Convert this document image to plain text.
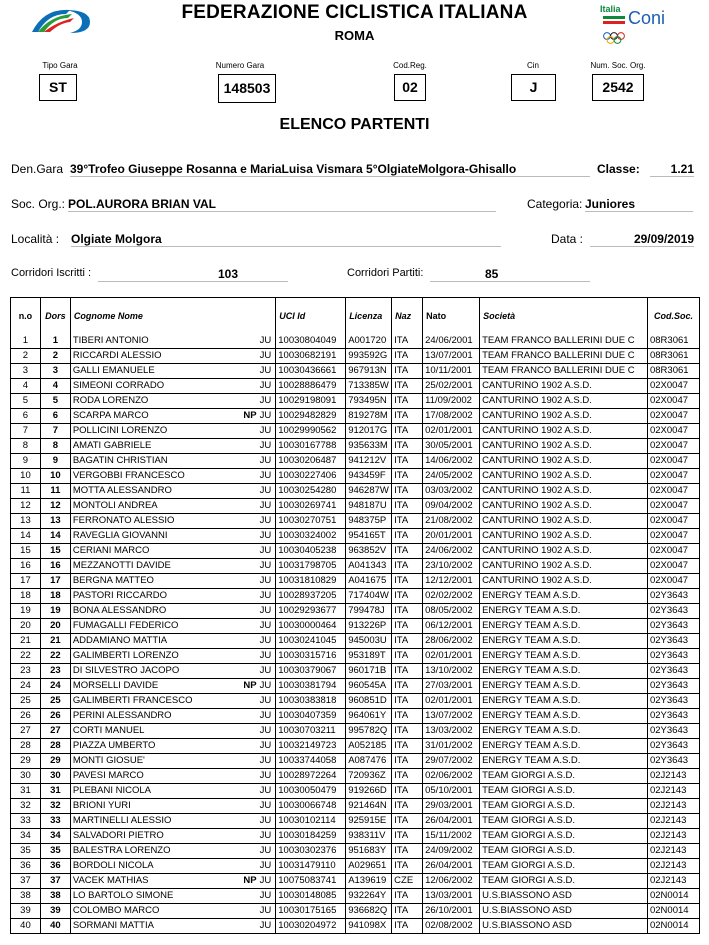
FEDERAZIONE CICLISTICA ITALIANA
ROMA
Italia Coni
Tipo Gara
ST
Numero Gara
148503
Cod.Reg.
02
Cin
J
Num. Soc. Org.
2542
ELENCO PARTENTI
Den.Gara 39°Trofeo Giuseppe Rosanna e MariaLuisa Vismara 5°OlgiateMolgora-Ghisallo	Classe:	1.21
Soc. Org.: POL.AURORA BRIAN VAL	Categoria: Juniores
Località : Olgiate Molgora	Data :	29/09/2019
Corridori Iscritti :	103	Corridori Partiti:	85
n.o	Dors	Cognome Nome	UCI Id	Licenza	Naz	Nato	Società	Cod.Soc.
1	1	TIBERI ANTONIO JU	10030804049	A001720	ITA	24/06/2001	TEAM FRANCO BALLERINI DUE C	08R3061
2	2	RICCARDI ALESSIO JU	10030682191	993592G	ITA	13/07/2001	TEAM FRANCO BALLERINI DUE C	08R3061
3	3	GALLI EMANUELE JU	10030436661	967913N	ITA	10/11/2001	TEAM FRANCO BALLERINI DUE C	08R3061
4	4	SIMEONI CORRADO JU	10028886479	713385W	ITA	25/02/2001	CANTURINO 1902 A.S.D.	02X0047
5	5	RODA LORENZO JU	10029198091	793495N	ITA	11/09/2002	CANTURINO 1902 A.S.D.	02X0047
6	6	SCARPA MARCO NP JU	10029482829	819278M	ITA	17/08/2002	CANTURINO 1902 A.S.D.	02X0047
7	7	POLLICINI LORENZO JU	10029990562	912017G	ITA	02/01/2001	CANTURINO 1902 A.S.D.	02X0047
8	8	AMATI GABRIELE JU	10030167788	935633M	ITA	30/05/2001	CANTURINO 1902 A.S.D.	02X0047
9	9	BAGATIN CHRISTIAN JU	10030206487	941212V	ITA	14/06/2002	CANTURINO 1902 A.S.D.	02X0047
10	10	VERGOBBI FRANCESCO JU	10030227406	943459F	ITA	24/05/2002	CANTURINO 1902 A.S.D.	02X0047
11	11	MOTTA ALESSANDRO JU	10030254280	946287W	ITA	03/03/2002	CANTURINO 1902 A.S.D.	02X0047
12	12	MONTOLI ANDREA JU	10030269741	948187U	ITA	09/04/2002	CANTURINO 1902 A.S.D.	02X0047
13	13	FERRONATO ALESSIO JU	10030270751	948375P	ITA	21/08/2002	CANTURINO 1902 A.S.D.	02X0047
14	14	RAVEGLIA GIOVANNI JU	10030324002	954165T	ITA	20/01/2001	CANTURINO 1902 A.S.D.	02X0047
15	15	CERIANI MARCO JU	10030405238	963852V	ITA	24/06/2002	CANTURINO 1902 A.S.D.	02X0047
16	16	MEZZANOTTI DAVIDE JU	10031798705	A041343	ITA	23/10/2002	CANTURINO 1902 A.S.D.	02X0047
17	17	BERGNA MATTEO JU	10031810829	A041675	ITA	12/12/2001	CANTURINO 1902 A.S.D.	02X0047
18	18	PASTORI RICCARDO JU	10028937205	717404W	ITA	02/02/2002	ENERGY TEAM A.S.D.	02Y3643
19	19	BONA ALESSANDRO JU	10029293677	799478J	ITA	08/05/2002	ENERGY TEAM A.S.D.	02Y3643
20	20	FUMAGALLI FEDERICO JU	10030000464	913226P	ITA	06/12/2001	ENERGY TEAM A.S.D.	02Y3643
21	21	ADDAMIANO MATTIA JU	10030241045	945003U	ITA	28/06/2002	ENERGY TEAM A.S.D.	02Y3643
22	22	GALIMBERTI LORENZO JU	10030315716	953189T	ITA	02/01/2001	ENERGY TEAM A.S.D.	02Y3643
23	23	DI SILVESTRO JACOPO JU	10030379067	960171B	ITA	13/10/2002	ENERGY TEAM A.S.D.	02Y3643
24	24	MORSELLI DAVIDE NP JU	10030381794	960545A	ITA	27/03/2001	ENERGY TEAM A.S.D.	02Y3643
25	25	GALIMBERTI FRANCESCO JU	10030383818	960851D	ITA	02/01/2001	ENERGY TEAM A.S.D.	02Y3643
26	26	PERINI ALESSANDRO JU	10030407359	964061Y	ITA	13/07/2002	ENERGY TEAM A.S.D.	02Y3643
27	27	CORTI MANUEL JU	10030703211	995782Q	ITA	13/03/2002	ENERGY TEAM A.S.D.	02Y3643
28	28	PIAZZA UMBERTO JU	10032149723	A052185	ITA	31/01/2002	ENERGY TEAM A.S.D.	02Y3643
29	29	MONTI GIOSUE' JU	10033744058	A087476	ITA	29/07/2002	ENERGY TEAM A.S.D.	02Y3643
30	30	PAVESI MARCO JU	10028972264	720936Z	ITA	02/06/2002	TEAM GIORGI A.S.D.	02J2143
31	31	PLEBANI NICOLA JU	10030050479	919266D	ITA	05/10/2001	TEAM GIORGI A.S.D.	02J2143
32	32	BRIONI YURI JU	10030066748	921464N	ITA	29/03/2001	TEAM GIORGI A.S.D.	02J2143
33	33	MARTINELLI ALESSIO JU	10030102114	925915E	ITA	26/04/2001	TEAM GIORGI A.S.D.	02J2143
34	34	SALVADORI PIETRO JU	10030184259	938311V	ITA	15/11/2002	TEAM GIORGI A.S.D.	02J2143
35	35	BALESTRA LORENZO JU	10030302376	951683Y	ITA	24/09/2002	TEAM GIORGI A.S.D.	02J2143
36	36	BORDOLI NICOLA JU	10031479110	A029651	ITA	26/04/2001	TEAM GIORGI A.S.D.	02J2143
37	37	VACEK MATHIAS NP JU	10075083741	A139619	CZE	12/06/2002	TEAM GIORGI A.S.D.	02J2143
38	38	LO BARTOLO SIMONE JU	10030148085	932264Y	ITA	13/03/2001	U.S.BIASSONO ASD	02N0014
39	39	COLOMBO MARCO JU	10030175165	936682Q	ITA	26/10/2001	U.S.BIASSONO ASD	02N0014
40	40	SORMANI MATTIA JU	10030204972	941098X	ITA	02/08/2002	U.S.BIASSONO ASD	02N0014
